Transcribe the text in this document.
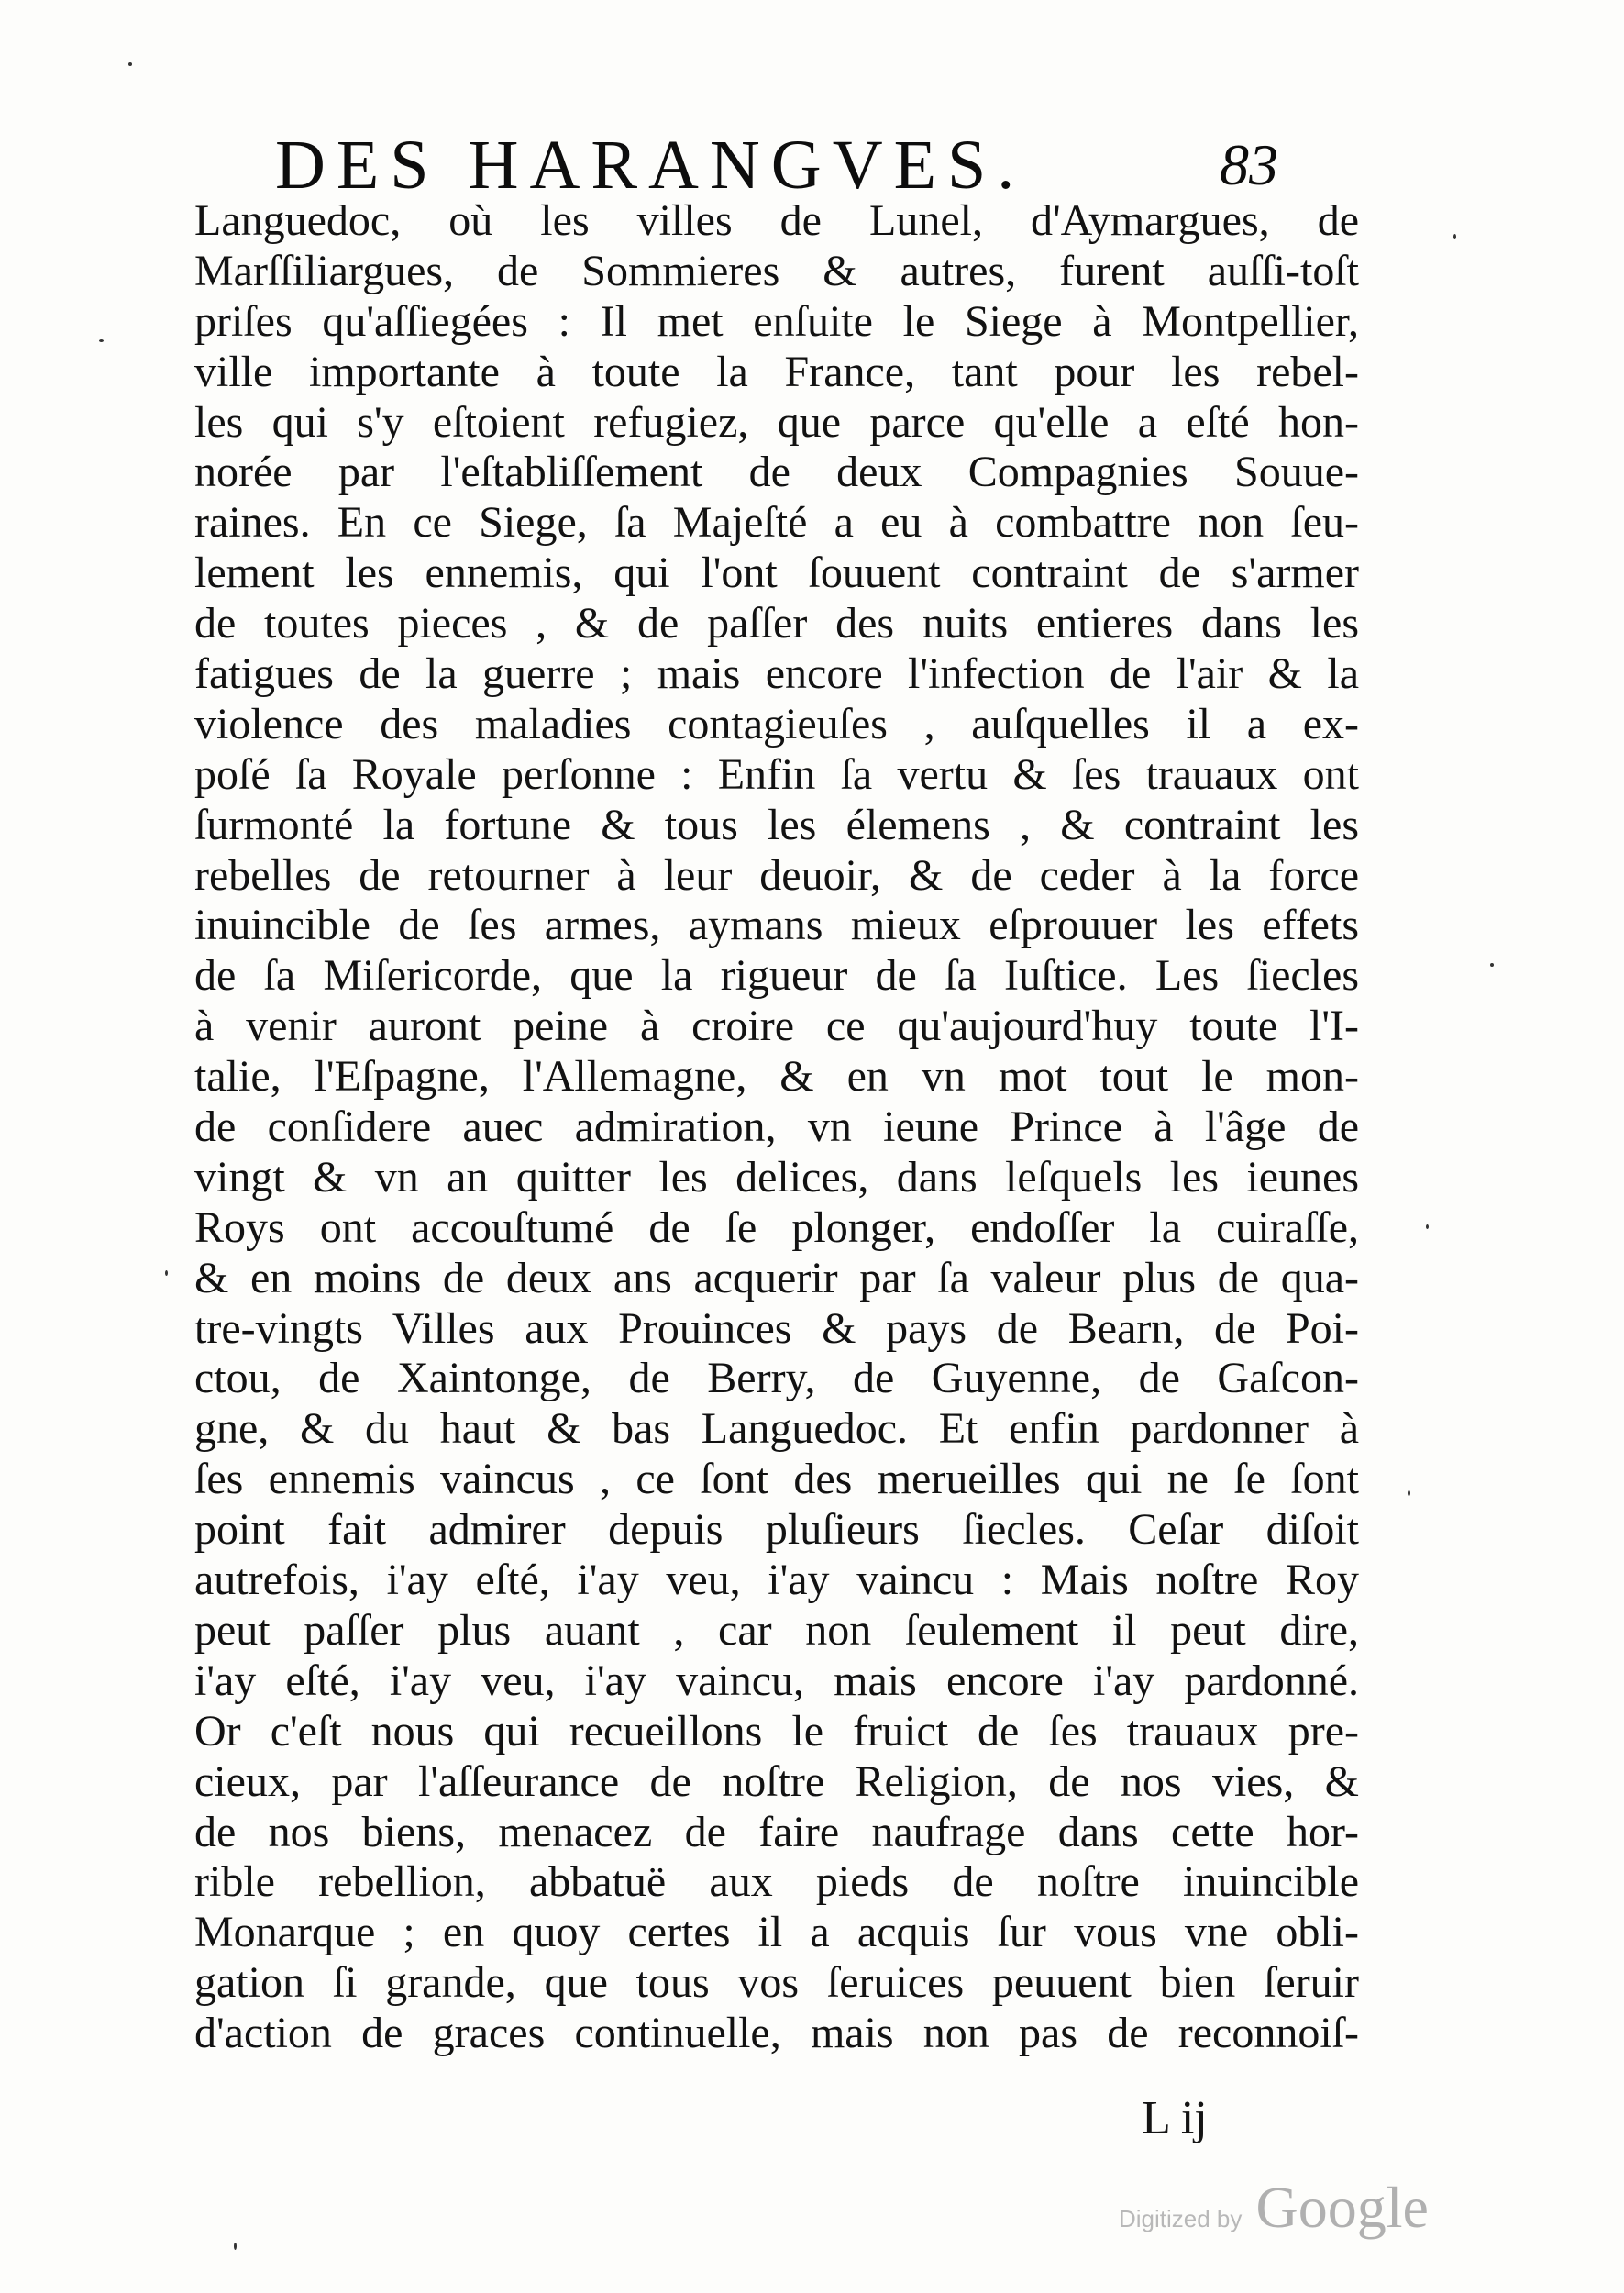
DES HARANGVES.	83
Languedoc, où les villes de Lunel, d'Aymargues, de
Marſſiliargues, de Sommieres & autres, furent auſſi-toſt
priſes qu'aſſiegées : Il met enſuite le Siege à Montpellier,
ville importante à toute la France, tant pour les rebel-
les qui s'y eſtoient refugiez, que parce qu'elle a eſté hon-
norée par l'eſtabliſſement de deux Compagnies Souue-
raines. En ce Siege, ſa Majeſté a eu à combattre non ſeu-
lement les ennemis, qui l'ont ſouuent contraint de s'armer
de toutes pieces , & de paſſer des nuits entieres dans les
fatigues de la guerre ; mais encore l'infection de l'air & la
violence des maladies contagieuſes , auſquelles il a ex-
poſé ſa Royale perſonne : Enfin ſa vertu & ſes trauaux ont
ſurmonté la fortune & tous les élemens , & contraint les
rebelles de retourner à leur deuoir, & de ceder à la force
inuincible de ſes armes, aymans mieux eſprouuer les effets
de ſa Miſericorde, que la rigueur de ſa Iuſtice. Les ſiecles
à venir auront peine à croire ce qu'aujourd'huy toute l'I-
talie, l'Eſpagne, l'Allemagne, & en vn mot tout le mon-
de conſidere auec admiration, vn ieune Prince à l'âge de
vingt & vn an quitter les delices, dans leſquels les ieunes
Roys ont accouſtumé de ſe plonger, endoſſer la cuiraſſe,
& en moins de deux ans acquerir par ſa valeur plus de qua-
tre-vingts Villes aux Prouinces & pays de Bearn, de Poi-
ctou, de Xaintonge, de Berry, de Guyenne, de Gaſcon-
gne, & du haut & bas Languedoc. Et enfin pardonner à
ſes ennemis vaincus , ce ſont des merueilles qui ne ſe ſont
point fait admirer depuis pluſieurs ſiecles. Ceſar diſoit
autrefois, i'ay eſté, i'ay veu, i'ay vaincu : Mais noſtre Roy
peut paſſer plus auant , car non ſeulement il peut dire,
i'ay eſté, i'ay veu, i'ay vaincu, mais encore i'ay pardonné.
Or c'eſt nous qui recueillons le fruict de ſes trauaux pre-
cieux, par l'aſſeurance de noſtre Religion, de nos vies, &
de nos biens, menacez de faire naufrage dans cette hor-
rible rebellion, abbatuë aux pieds de noſtre inuincible
Monarque ; en quoy certes il a acquis ſur vous vne obli-
gation ſi grande, que tous vos ſeruices peuuent bien ſeruir
d'action de graces continuelle, mais non pas de reconnoiſ-
L ij
Digitized by Google
